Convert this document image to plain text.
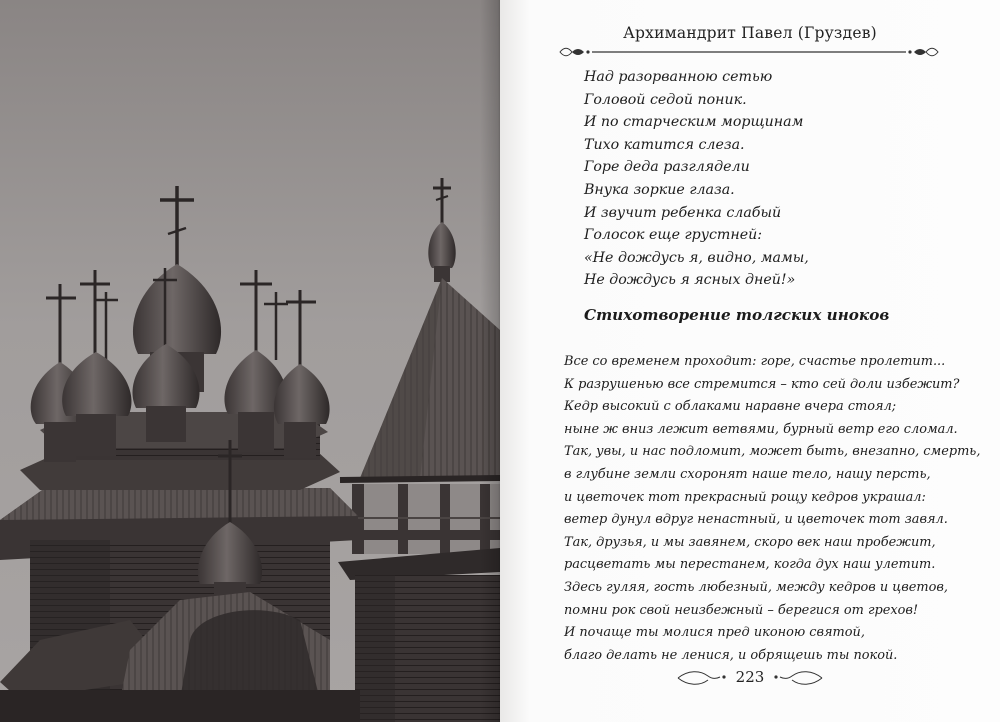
Архимандрит Павел (Груздев)
Над разорванною сетью
Головой седой поник.
И по старческим морщинам
Тихо катится слеза.
Горе деда разглядели
Внука зоркие глаза.
И звучит ребенка слабый
Голосок еще грустней:
«Не дождусь я, видно, мамы,
Не дождусь я ясных дней!»
Стихотворение толгских иноков
Все со временем проходит: горе, счастье пролетит...
К разрушенью все стремится – кто сей доли избежит?
Кедр высокий с облаками наравне вчера стоял;
ныне ж вниз лежит ветвями, бурный ветр его сломал.
Так, увы, и нас подломит, может быть, внезапно, смерть,
в глубине земли схоронят наше тело, нашу персть,
и цветочек тот прекрасный рощу кедров украшал:
ветер дунул вдруг ненастный, и цветочек тот завял.
Так, друзья, и мы завянем, скоро век наш пробежит,
расцветать мы перестанем, когда дух наш улетит.
Здесь гуляя, гость любезный, между кедров и цветов,
помни рок свой неизбежный – берегися от грехов!
И почаще ты молися пред иконою святой,
благо делать не ленися, и обрящешь ты покой.
223
